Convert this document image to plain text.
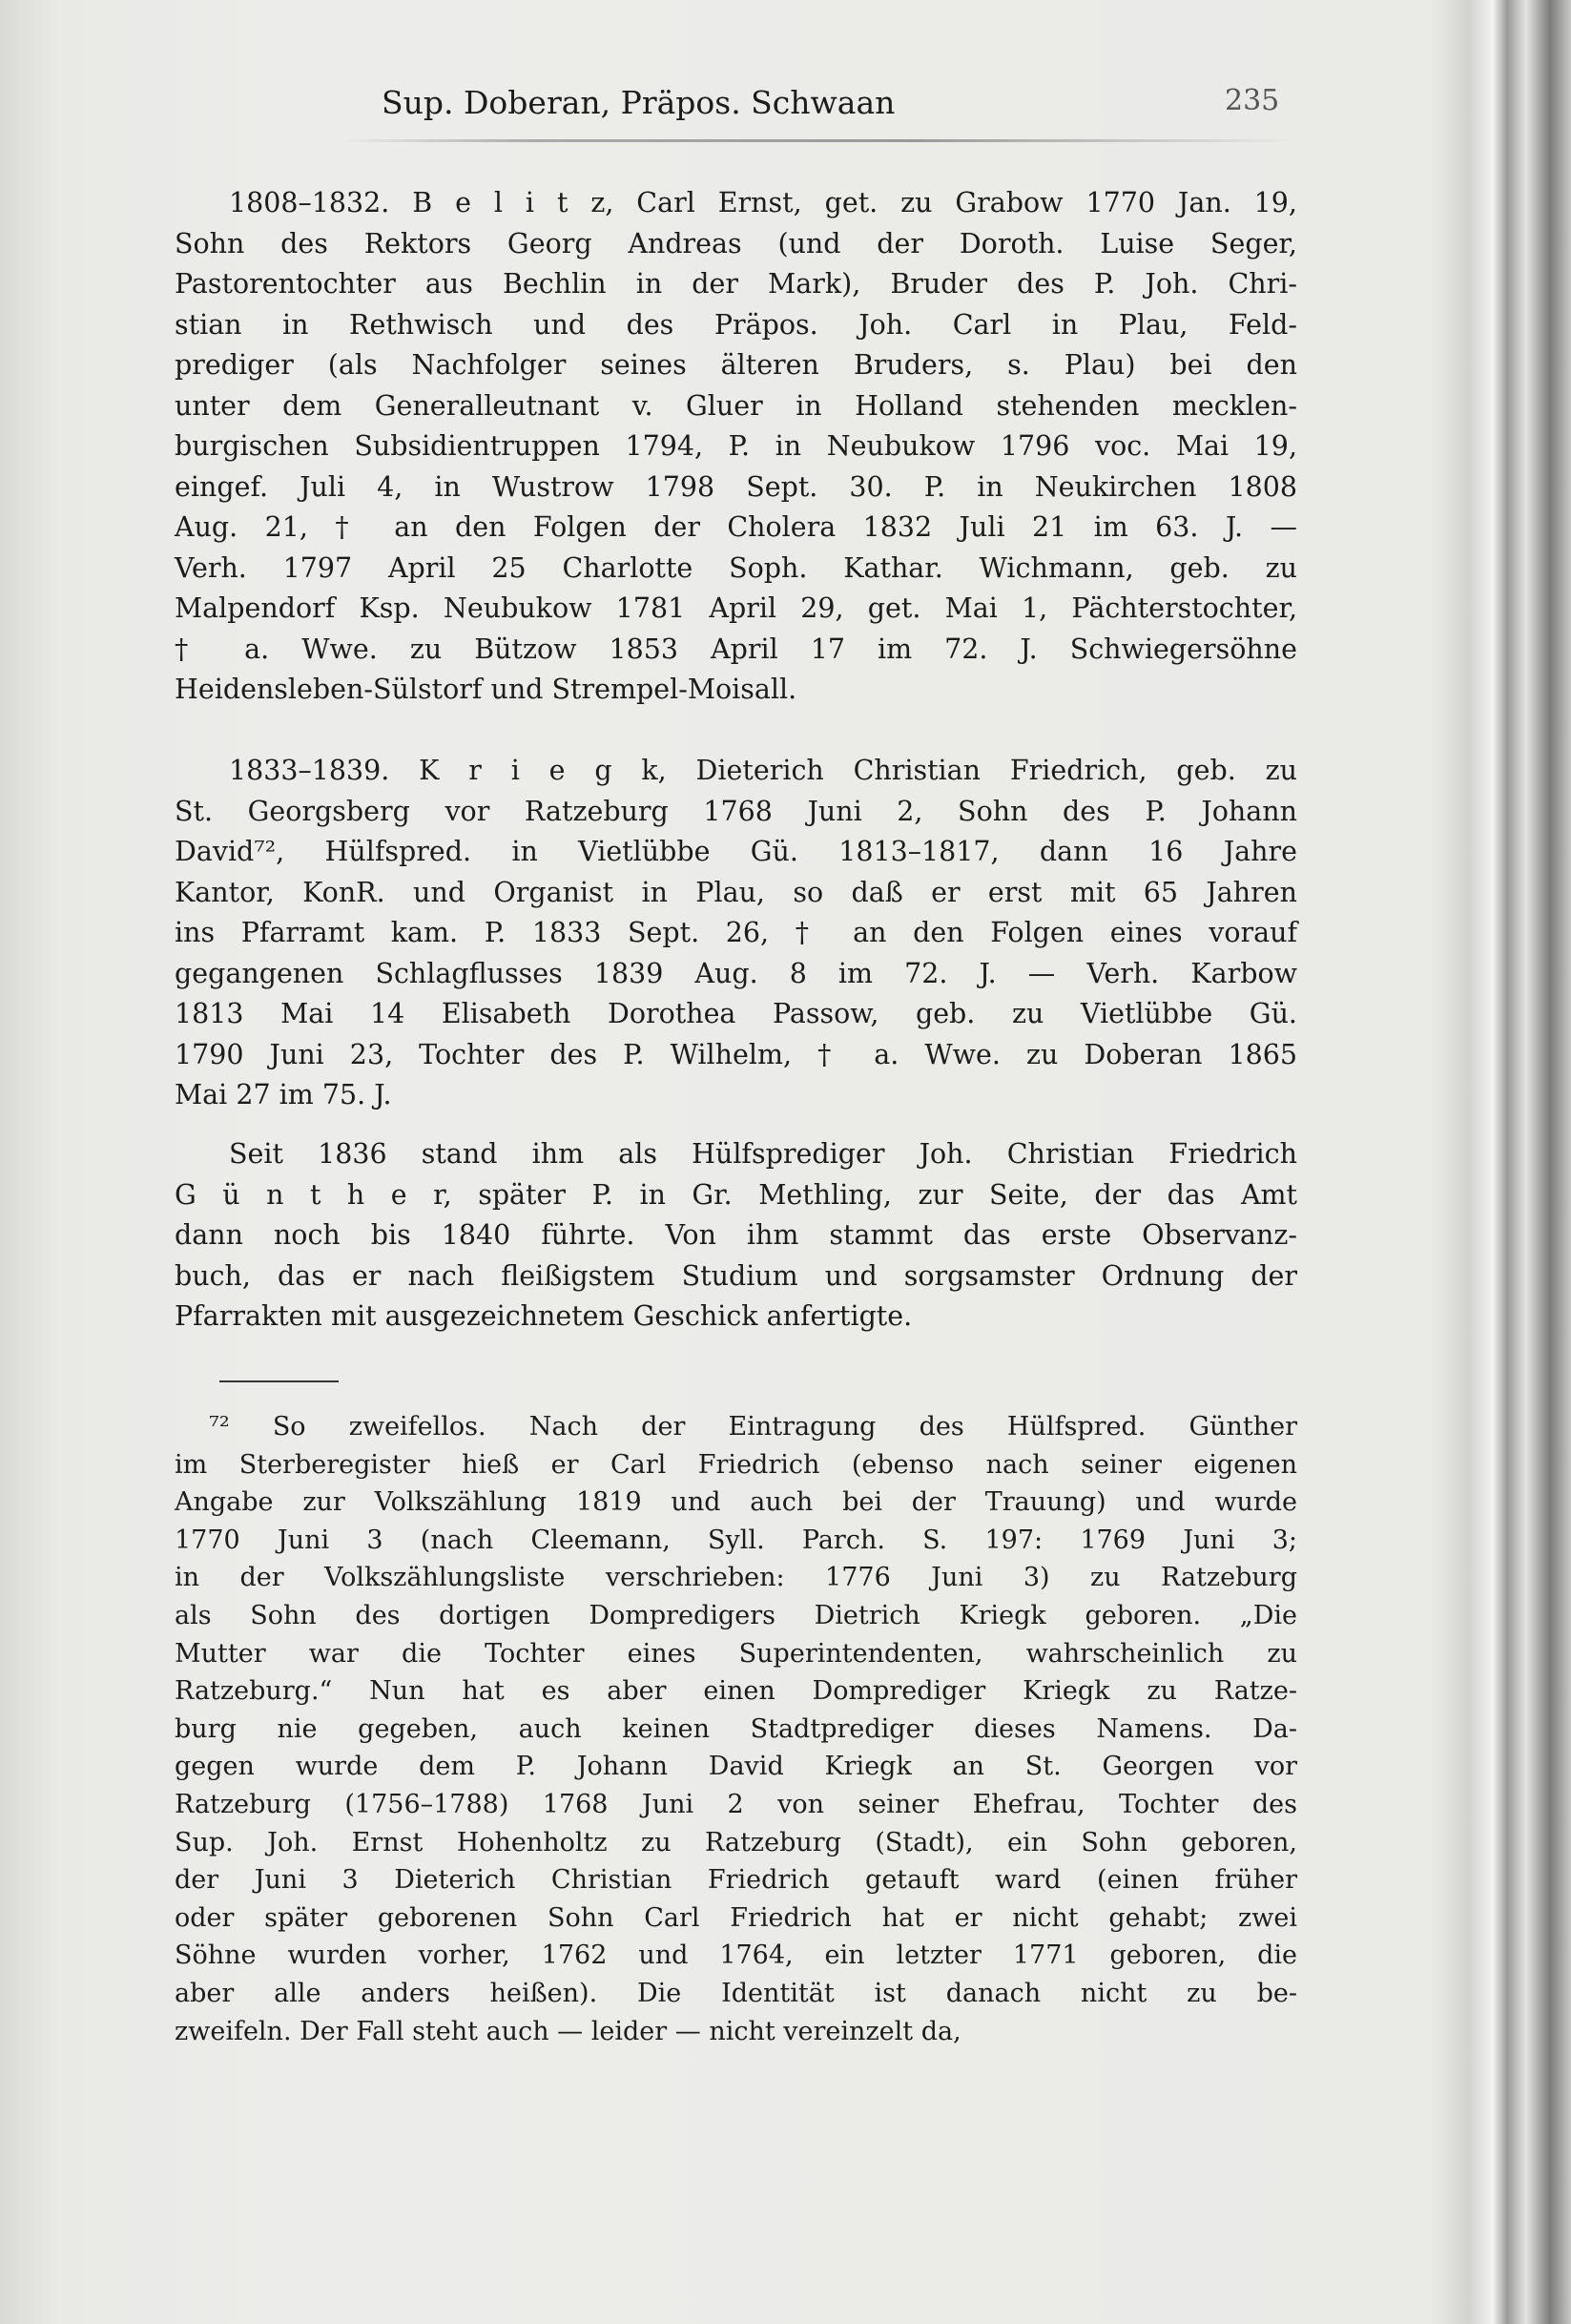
Sup. Doberan, Präpos. Schwaan	235
1808–1832. B e l i t z, Carl Ernst, get. zu Grabow 1770 Jan. 19,
Sohn des Rektors Georg Andreas (und der Doroth. Luise Seger,
Pastorentochter aus Bechlin in der Mark), Bruder des P. Joh. Chri-
stian in Rethwisch und des Präpos. Joh. Carl in Plau, Feld-
prediger (als Nachfolger seines älteren Bruders, s. Plau) bei den
unter dem Generalleutnant v. Gluer in Holland stehenden mecklen-
burgischen Subsidientruppen 1794, P. in Neubukow 1796 voc. Mai 19,
eingef. Juli 4, in Wustrow 1798 Sept. 30. P. in Neukirchen 1808
Aug. 21, † an den Folgen der Cholera 1832 Juli 21 im 63. J. —
Verh. 1797 April 25 Charlotte Soph. Kathar. Wichmann, geb. zu
Malpendorf Ksp. Neubukow 1781 April 29, get. Mai 1, Pächterstochter,
† a. Wwe. zu Bützow 1853 April 17 im 72. J. Schwiegersöhne
Heidensleben-Sülstorf und Strempel-Moisall.
1833–1839. K r i e g k, Dieterich Christian Friedrich, geb. zu
St. Georgsberg vor Ratzeburg 1768 Juni 2, Sohn des P. Johann
David⁷², Hülfspred. in Vietlübbe Gü. 1813–1817, dann 16 Jahre
Kantor, KonR. und Organist in Plau, so daß er erst mit 65 Jahren
ins Pfarramt kam. P. 1833 Sept. 26, † an den Folgen eines vorauf
gegangenen Schlagflusses 1839 Aug. 8 im 72. J. — Verh. Karbow
1813 Mai 14 Elisabeth Dorothea Passow, geb. zu Vietlübbe Gü.
1790 Juni 23, Tochter des P. Wilhelm, † a. Wwe. zu Doberan 1865
Mai 27 im 75. J.
Seit 1836 stand ihm als Hülfsprediger Joh. Christian Friedrich
G ü n t h e r, später P. in Gr. Methling, zur Seite, der das Amt
dann noch bis 1840 führte. Von ihm stammt das erste Observanz-
buch, das er nach fleißigstem Studium und sorgsamster Ordnung der
Pfarrakten mit ausgezeichnetem Geschick anfertigte.
⁷² So zweifellos. Nach der Eintragung des Hülfspred. Günther
im Sterberegister hieß er Carl Friedrich (ebenso nach seiner eigenen
Angabe zur Volkszählung 1819 und auch bei der Trauung) und wurde
1770 Juni 3 (nach Cleemann, Syll. Parch. S. 197: 1769 Juni 3;
in der Volkszählungsliste verschrieben: 1776 Juni 3) zu Ratzeburg
als Sohn des dortigen Dompredigers Dietrich Kriegk geboren. „Die
Mutter war die Tochter eines Superintendenten, wahrscheinlich zu
Ratzeburg.“ Nun hat es aber einen Domprediger Kriegk zu Ratze-
burg nie gegeben, auch keinen Stadtprediger dieses Namens. Da-
gegen wurde dem P. Johann David Kriegk an St. Georgen vor
Ratzeburg (1756–1788) 1768 Juni 2 von seiner Ehefrau, Tochter des
Sup. Joh. Ernst Hohenholtz zu Ratzeburg (Stadt), ein Sohn geboren,
der Juni 3 Dieterich Christian Friedrich getauft ward (einen früher
oder später geborenen Sohn Carl Friedrich hat er nicht gehabt; zwei
Söhne wurden vorher, 1762 und 1764, ein letzter 1771 geboren, die
aber alle anders heißen). Die Identität ist danach nicht zu be-
zweifeln. Der Fall steht auch — leider — nicht vereinzelt da,
